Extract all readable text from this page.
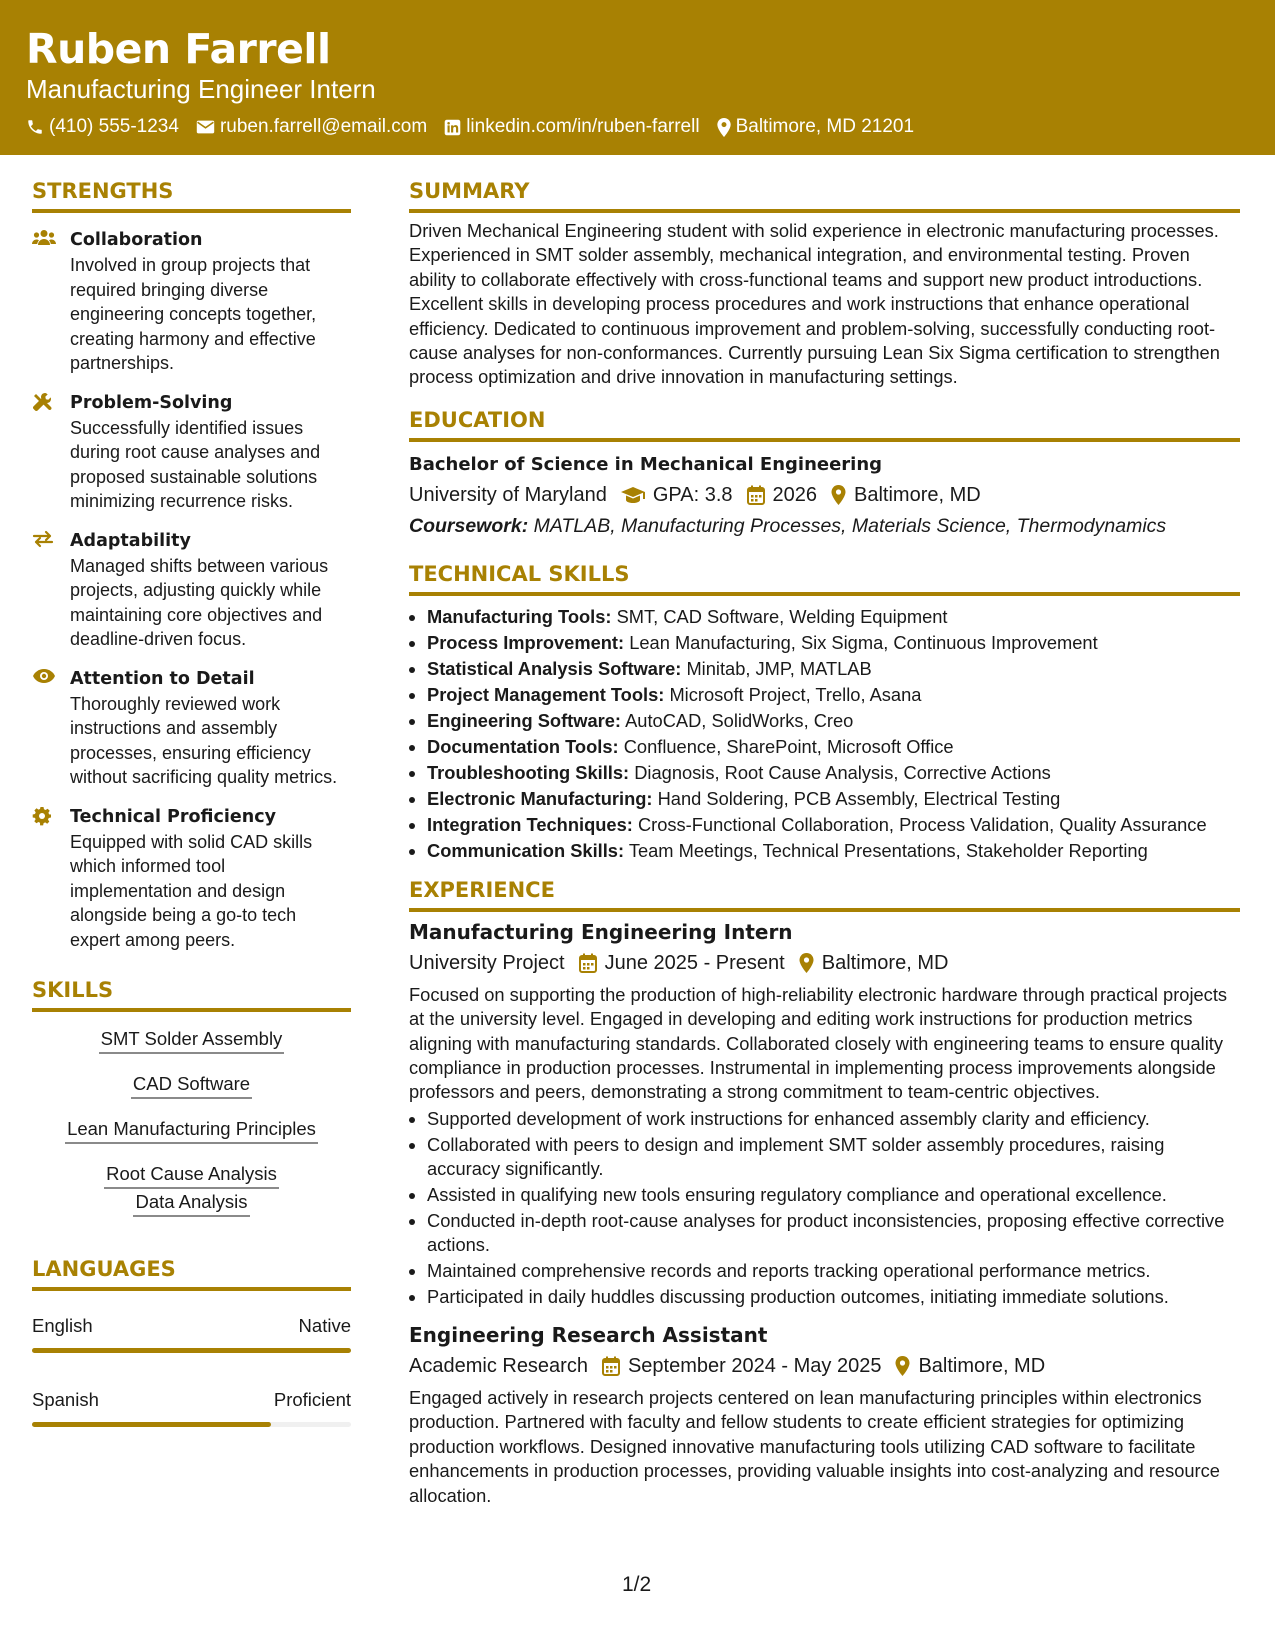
Ruben Farrell
Manufacturing Engineer Intern
(410) 555-1234 ruben.farrell@email.com linkedin.com/in/ruben-farrell Baltimore, MD 21201
STRENGTHS
Collaboration
Involved in group projects that required bringing diverse engineering concepts together, creating harmony and effective partnerships.
Problem-Solving
Successfully identified issues during root cause analyses and proposed sustainable solutions minimizing recurrence risks.
Adaptability
Managed shifts between various projects, adjusting quickly while maintaining core objectives and deadline-driven focus.
Attention to Detail
Thoroughly reviewed work instructions and assembly processes, ensuring efficiency without sacrificing quality metrics.
Technical Proficiency
Equipped with solid CAD skills which informed tool implementation and design alongside being a go-to tech expert among peers.
SKILLS
SMT Solder Assembly
CAD Software
Lean Manufacturing Principles
Root Cause AnalysisData Analysis
LANGUAGES
English	Native
Spanish	Proficient
SUMMARY
Driven Mechanical Engineering student with solid experience in electronic manufacturing processes. Experienced in SMT solder assembly, mechanical integration, and environmental testing. Proven ability to collaborate effectively with cross-functional teams and support new product introductions. Excellent skills in developing process procedures and work instructions that enhance operational efficiency. Dedicated to continuous improvement and problem-solving, successfully conducting root-cause analyses for non-conformances. Currently pursuing Lean Six Sigma certification to strengthen process optimization and drive innovation in manufacturing settings.
EDUCATION
Bachelor of Science in Mechanical Engineering
University of Maryland GPA: 3.8 2026 Baltimore, MD
Coursework: MATLAB, Manufacturing Processes, Materials Science, Thermodynamics
TECHNICAL SKILLS
• Manufacturing Tools: SMT, CAD Software, Welding Equipment
• Process Improvement: Lean Manufacturing, Six Sigma, Continuous Improvement
• Statistical Analysis Software: Minitab, JMP, MATLAB
• Project Management Tools: Microsoft Project, Trello, Asana
• Engineering Software: AutoCAD, SolidWorks, Creo
• Documentation Tools: Confluence, SharePoint, Microsoft Office
• Troubleshooting Skills: Diagnosis, Root Cause Analysis, Corrective Actions
• Electronic Manufacturing: Hand Soldering, PCB Assembly, Electrical Testing
• Integration Techniques: Cross-Functional Collaboration, Process Validation, Quality Assurance
• Communication Skills: Team Meetings, Technical Presentations, Stakeholder Reporting
EXPERIENCE
Manufacturing Engineering Intern
University Project June 2025 - Present Baltimore, MD
Focused on supporting the production of high-reliability electronic hardware through practical projects at the university level. Engaged in developing and editing work instructions for production metrics aligning with manufacturing standards. Collaborated closely with engineering teams to ensure quality compliance in production processes. Instrumental in implementing process improvements alongside professors and peers, demonstrating a strong commitment to team-centric objectives.
• Supported development of work instructions for enhanced assembly clarity and efficiency.
• Collaborated with peers to design and implement SMT solder assembly procedures, raising accuracy significantly.
• Assisted in qualifying new tools ensuring regulatory compliance and operational excellence.
• Conducted in-depth root-cause analyses for product inconsistencies, proposing effective corrective actions.
• Maintained comprehensive records and reports tracking operational performance metrics.
• Participated in daily huddles discussing production outcomes, initiating immediate solutions.
Engineering Research Assistant
Academic Research September 2024 - May 2025 Baltimore, MD
Engaged actively in research projects centered on lean manufacturing principles within electronics production. Partnered with faculty and fellow students to create efficient strategies for optimizing production workflows. Designed innovative manufacturing tools utilizing CAD software to facilitate enhancements in production processes, providing valuable insights into cost-analyzing and resource allocation.
1/2
